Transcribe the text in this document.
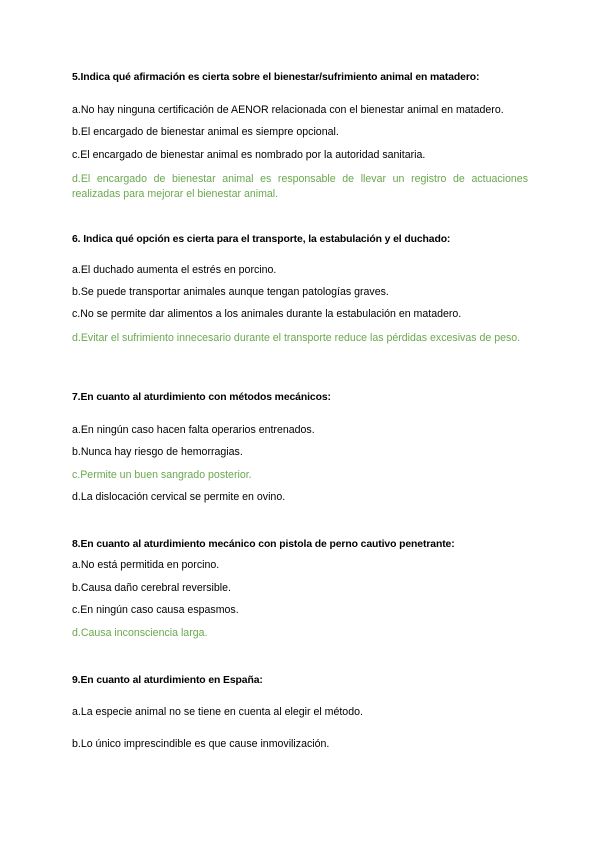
5.Indica qué afirmación es cierta sobre el bienestar/sufrimiento animal en matadero:

a.No hay ninguna certificación de AENOR relacionada con el bienestar animal en matadero.

b.El encargado de bienestar animal es siempre opcional.

c.El encargado de bienestar animal es nombrado por la autoridad sanitaria.

d.El encargado de bienestar animal es responsable de llevar un registro de actuaciones realizadas para mejorar el bienestar animal.

6. Indica qué opción es cierta para el transporte, la estabulación y el duchado:

a.El duchado aumenta el estrés en porcino.

b.Se puede transportar animales aunque tengan patologías graves.

c.No se permite dar alimentos a los animales durante la estabulación en matadero.

d.Evitar el sufrimiento innecesario durante el transporte reduce las pérdidas excesivas de peso.

7.En cuanto al aturdimiento con métodos mecánicos:

a.En ningún caso hacen falta operarios entrenados.

b.Nunca hay riesgo de hemorragias.

c.Permite un buen sangrado posterior.

d.La dislocación cervical se permite en ovino.

8.En cuanto al aturdimiento mecánico con pistola de perno cautivo penetrante:

a.No está permitida en porcino.

b.Causa daño cerebral reversible.

c.En ningún caso causa espasmos.

d.Causa inconsciencia larga.

9.En cuanto al aturdimiento en España:

a.La especie animal no se tiene en cuenta al elegir el método.

b.Lo único imprescindible es que cause inmovilización.
